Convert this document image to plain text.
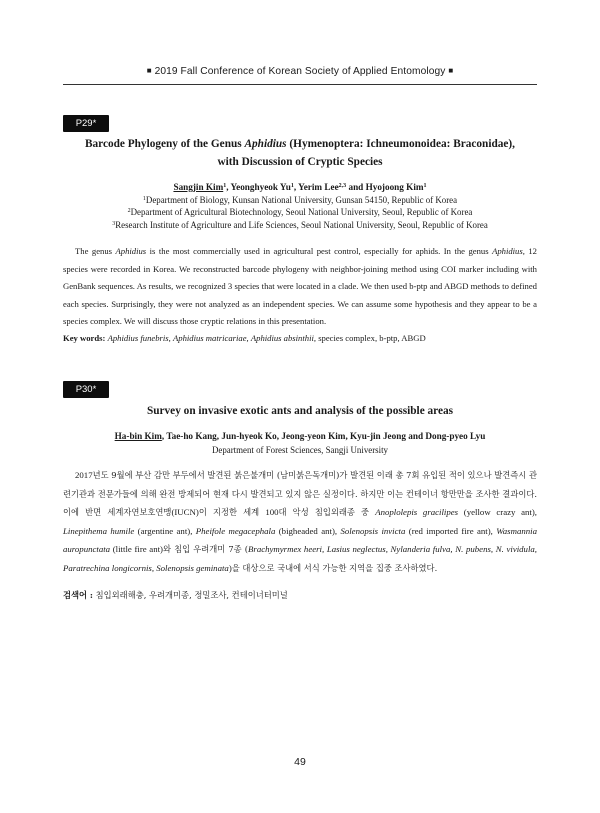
■ 2019 Fall Conference of Korean Society of Applied Entomology ■
P29*
Barcode Phylogeny of the Genus Aphidius (Hymenoptera: Ichneumonoidea: Braconidae),
with Discussion of Cryptic Species
Sangjin Kim$^1$, Yeonghyeok Yu$^1$, Yerim Lee$^{2,3}$ and Hyojoong Kim$^1$
$^1$Department of Biology, Kunsan National University, Gunsan 54150, Republic of Korea
$^2$Department of Agricultural Biotechnology, Seoul National University, Seoul, Republic of Korea
$^3$Research Institute of Agriculture and Life Sciences, Seoul National University, Seoul, Republic of Korea
The genus Aphidius is the most commercially used in agricultural pest control, especially for aphids. In the genus Aphidius, 12 species were recorded in Korea. We reconstructed barcode phylogeny with neighbor-joining method using COI marker including with GenBank sequences. As results, we recognized 3 species that were located in a clade. We then used b-ptp and ABGD methods to defined each species. Surprisingly, they were not analyzed as an independent species. We can assume some hypothesis and they appear to be a species complex. We will discuss those cryptic relations in this presentation.
Key words: Aphidius funebris, Aphidius matricariae, Aphidius absinthii, species complex, b-ptp, ABGD
P30*
Survey on invasive exotic ants and analysis of the possible areas
Ha-bin Kim, Tae-ho Kang, Jun-hyeok Ko, Jeong-yeon Kim, Kyu-jin Jeong and Dong-pyeo Lyu
Department of Forest Sciences, Sangji University
2017년도 9월에 부산 감만 부두에서 발견된 붉은불개미 (남미붉은독개미)가 발견된 이래 총 7회 유입된 적이 있으나 발견즉시 관련기관과 전문가들에 의해 완전 방제되어 현재 다시 발견되고 있지 않은 실정이다. 하지만 이는 컨테이너 항만만을 조사한 결과이다. 이에 반면 세계자연보호연맹(IUCN)이 지정한 세계 100대 악성 침입외래종 중 Anoplolepis gracilipes (yellow crazy ant), Linepithema humile (argentine ant), Pheifole megacephala (bigheaded ant), Solenopsis invicta (red imported fire ant), Wasmannia auropunctata (little fire ant)와 침입 우려개미 7종 (Brachymyrmex heeri, Lasius neglectus, Nylanderia fulva, N. pubens, N. vividula, Paratrechina longicornis, Solenopsis geminata)을 대상으로 국내에 서식 가능한 지역을 집중 조사하였다.
검색어 : 침입외래해충, 우려개미종, 정밀조사, 컨테이너터미널
49
